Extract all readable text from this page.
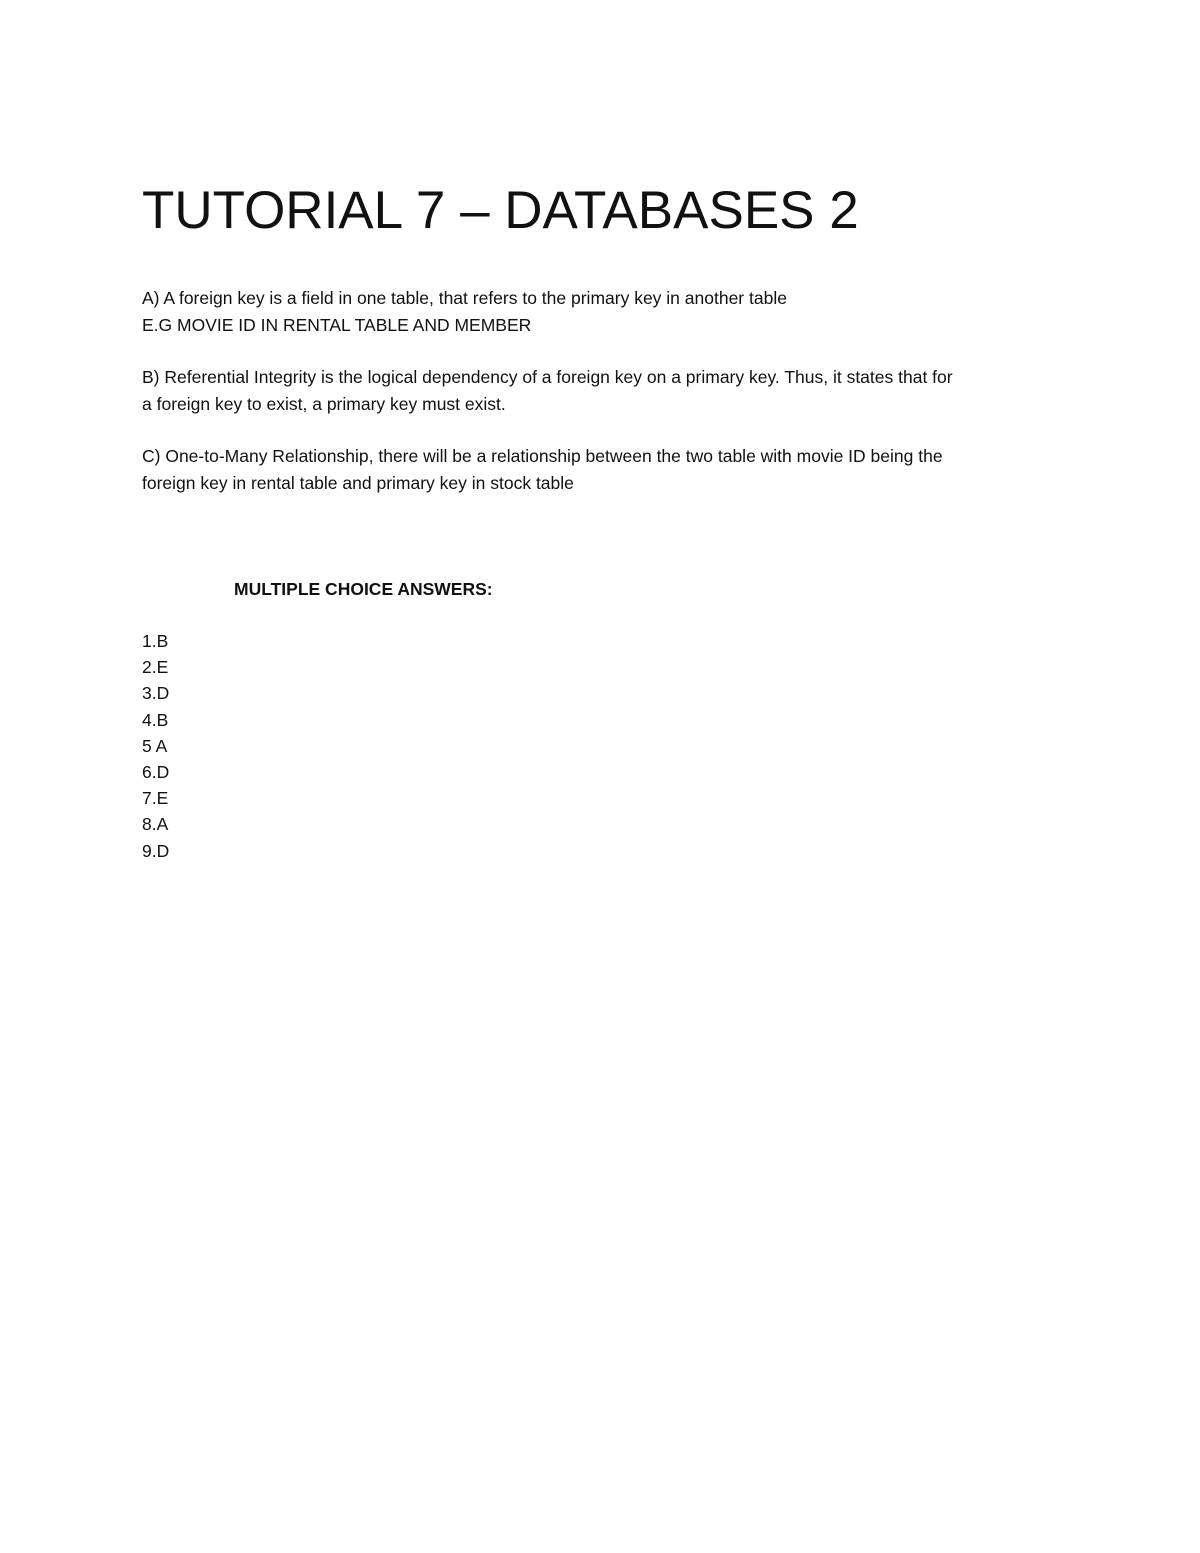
TUTORIAL 7 – DATABASES 2

A) A foreign key is a field in one table, that refers to the primary key in another table

E.G MOVIE ID IN RENTAL TABLE AND MEMBER

B) Referential Integrity is the logical dependency of a foreign key on a primary key. Thus, it states that for

a foreign key to exist, a primary key must exist.

C) One-to-Many Relationship, there will be a relationship between the two table with movie ID being the

foreign key in rental table and primary key in stock table

MULTIPLE CHOICE ANSWERS:
1.B
2.E
3.D
4.B
5 A
6.D
7.E
8.A
9.D
